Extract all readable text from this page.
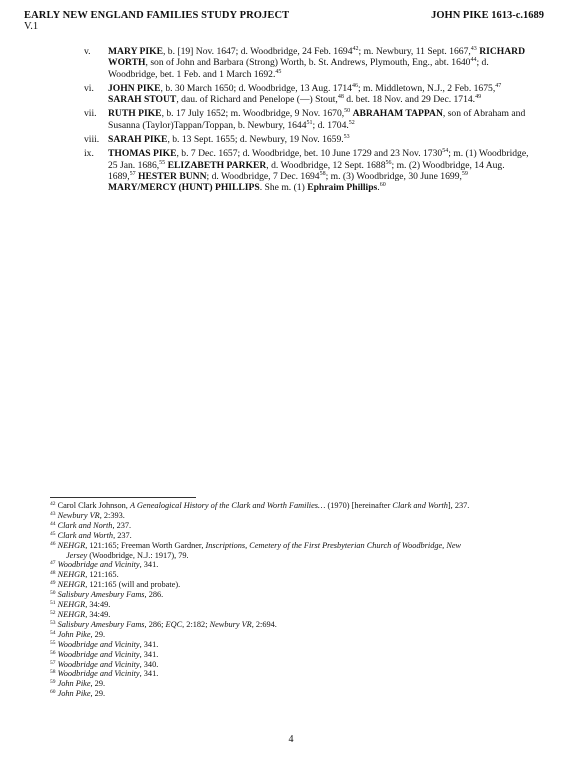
EARLY NEW ENGLAND FAMILIES STUDY PROJECT
V.1
JOHN PIKE 1613-c.1689
v.	MARY PIKE, b. [19] Nov. 1647; d. Woodbridge, 24 Feb. 1694$^{42}$; m. Newbury, 11 Sept. 1667,43 RICHARD WORTH, son of John and Barbara (Strong) Worth, b. St. Andrews, Plymouth, Eng., abt. 1640$^{44}$; d. Woodbridge, bet. 1 Feb. and 1 March 1692.45
vi.	JOHN PIKE, b. 30 March 1650; d. Woodbridge, 13 Aug. 1714$^{46}$; m. Middletown, N.J., 2 Feb. 1675,47 SARAH STOUT, dau. of Richard and Penelope (—) Stout,$^{48}$ d. bet. 18 Nov. and 29 Dec. 1714.49
vii.	RUTH PIKE, b. 17 July 1652; m. Woodbridge, 9 Nov. 1670,50 ABRAHAM TAPPAN, son of Abraham and Susanna (Taylor)Tappan/Toppan, b. Newbury, 1644$^{51}$; d. 1704.52
viii. SARAH PIKE, b. 13 Sept. 1655; d. Newbury, 19 Nov. 1659.53
ix.	THOMAS PIKE, b. 7 Dec. 1657; d. Woodbridge, bet. 10 June 1729 and 23 Nov. 1730$^{54}$; m. (1) Woodbridge, 25 Jan. 1686,55 ELIZABETH PARKER, d. Woodbridge, 12 Sept. 1688$^{56}$; m. (2) Woodbridge, 14 Aug. 1689,57 HESTER BUNN; d. Woodbridge, 7 Dec. 1694$^{58}$; m. (3) Woodbridge, 30 June 1699,59 MARY/MERCY (HUNT) PHILLIPS. She m. (1) Ephraim Phillips.$^{60}$
$^{42}$ Carol Clark Johnson, A Genealogical History of the Clark and Worth Families… (1970) [hereinafter Clark and Worth], 237.
$^{43}$ Newbury VR, 2:393.
$^{44}$ Clark and North, 237.
$^{45}$ Clark and Worth, 237.
$^{46}$ NEHGR, 121:165; Freeman Worth Gardner, Inscriptions, Cemetery of the First Presbyterian Church of Woodbridge, New
Jersey (Woodbridge, N.J.: 1917), 79.
$^{47}$ Woodbridge and Vicinity, 341.
$^{48}$ NEHGR, 121:165.
$^{49}$ NEHGR, 121:165 (will and probate).
$^{50}$ Salisbury Amesbury Fams, 286.
$^{51}$ NEHGR, 34:49.
$^{52}$ NEHGR, 34:49.
$^{53}$ Salisbury Amesbury Fams, 286; EQC, 2:182; Newbury VR, 2:694.
$^{54}$ John Pike, 29.
$^{55}$ Woodbridge and Vicinity, 341.
$^{56}$ Woodbridge and Vicinity, 341.
$^{57}$ Woodbridge and Vicinity, 340.
$^{58}$ Woodbridge and Vicinity, 341.
$^{59}$ John Pike, 29.
$^{60}$ John Pike, 29.
4
